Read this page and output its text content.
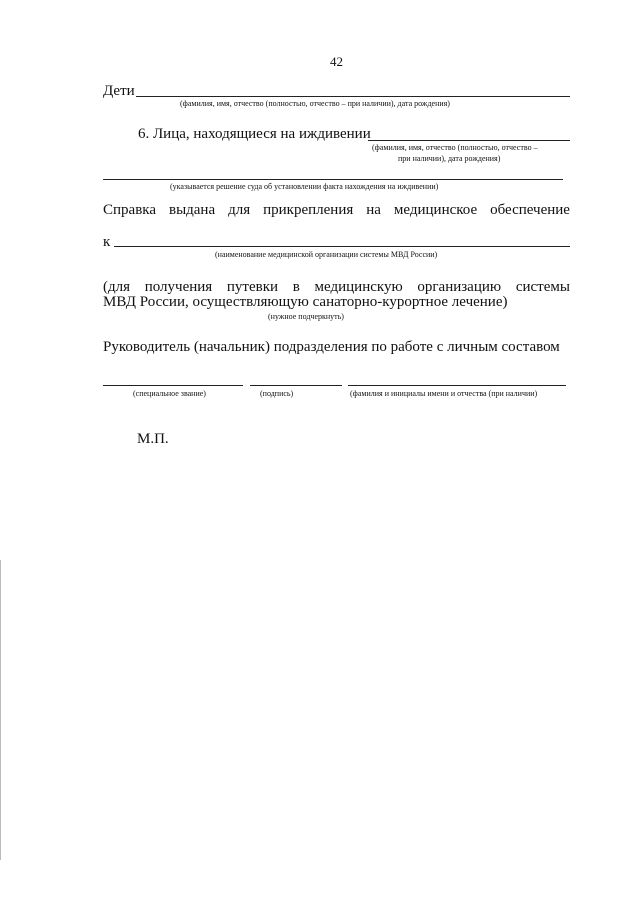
42
Дети
(фамилия, имя, отчество (полностью, отчество – при наличии), дата рождения)
6. Лица, находящиеся на иждивении
(фамилия, имя, отчество (полностью, отчество –
при наличии), дата рождения)
(указывается решение суда об установлении факта нахождения на иждивении)
Справка выдана для прикрепления на медицинское обеспечение
к
(наименование медицинской организации системы МВД России)
(для получения путевки в медицинскую организацию системы
МВД России, осуществляющую санаторно-курортное лечение)
(нужное подчеркнуть)
Руководитель (начальник) подразделения по работе с личным составом
(специальное звание)	(подпись)	(фамилия и инициалы имени и отчества (при наличии)
М.П.
